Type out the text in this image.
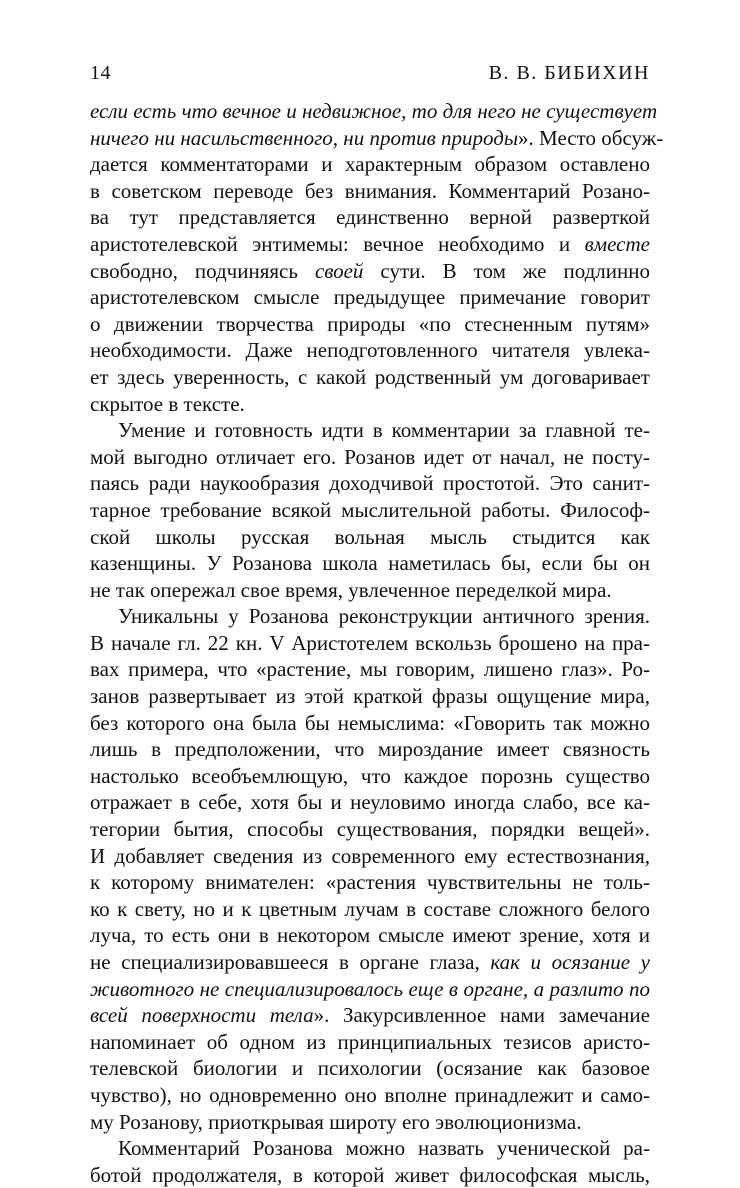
14	В. В. БИБИХИН
если есть что вечное и недвижное, то для него не существует
ничего ни насильственного, ни против природы». Место обсуж-
дается комментаторами и характерным образом оставлено
в советском переводе без внимания. Комментарий Розано-
ва тут представляется единственно верной разверткой
аристотелевской энтимемы: вечное необходимо и вместе
свободно, подчиняясь своей сути. В том же подлинно
аристотелевском смысле предыдущее примечание говорит
о движении творчества природы «по стесненным путям»
необходимости. Даже неподготовленного читателя увлека-
ет здесь уверенность, с какой родственный ум договаривает
скрытое в тексте.
Умение и готовность идти в комментарии за главной те-
мой выгодно отличает его. Розанов идет от начал, не посту-
паясь ради наукообразия доходчивой простотой. Это санит-
тарное требование всякой мыслительной работы. Философ-
ской школы русская вольная мысль стыдится как
казенщины. У Розанова школа наметилась бы, если бы он
не так опережал свое время, увлеченное переделкой мира.
Уникальны у Розанова реконструкции античного зрения.
В начале гл. 22 кн. V Аристотелем вскользь брошено на пра-
вах примера, что «растение, мы говорим, лишено глаз». Ро-
занов развертывает из этой краткой фразы ощущение мира,
без которого она была бы немыслима: «Говорить так можно
лишь в предположении, что мироздание имеет связность
настолько всеобъемлющую, что каждое порознь существо
отражает в себе, хотя бы и неуловимо иногда слабо, все ка-
тегории бытия, способы существования, порядки вещей».
И добавляет сведения из современного ему естествознания,
к которому внимателен: «растения чувствительны не толь-
ко к свету, но и к цветным лучам в составе сложного белого
луча, то есть они в некотором смысле имеют зрение, хотя и
не специализировавшееся в органе глаза, как и осязание у
животного не специализировалось еще в органе, а разлито по
всей поверхности тела». Закурсивленное нами замечание
напоминает об одном из принципиальных тезисов аристо-
телевской биологии и психологии (осязание как базовое
чувство), но одновременно оно вполне принадлежит и само-
му Розанову, приоткрывая широту его эволюционизма.
Комментарий Розанова можно назвать ученической ра-
ботой продолжателя, в которой живет философская мысль,
